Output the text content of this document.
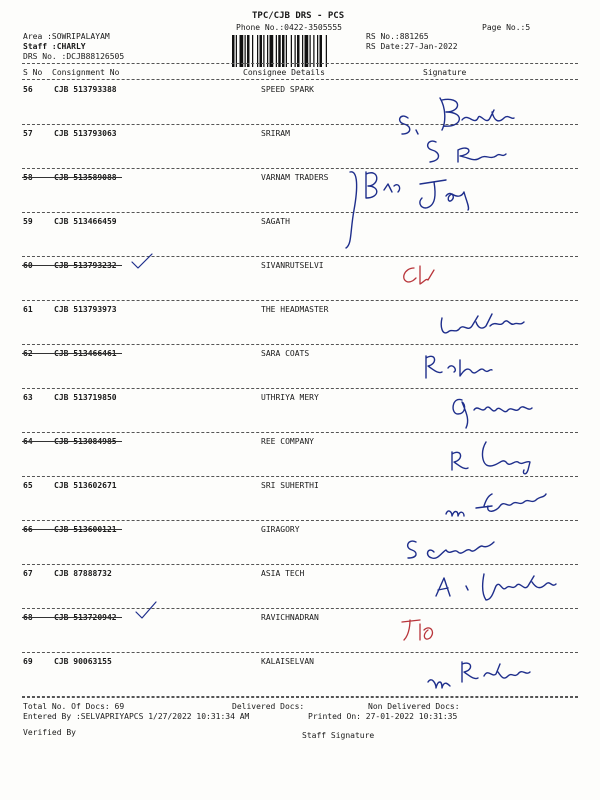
TPC/CJB DRS - PCS
Phone No.:0422-3505555	Page No.:5
Area :SOWRIPALAYAM
Staff :CHARLY
DRS No. :DCJB88126505
RS No.:881265
RS Date:27-Jan-2022
S No Consignment No	Consignee Details	Signature
56	CJB 513793388	SPEED SPARK
57	CJB 513793063	SRIRAM
58	CJB 513589088	VARNAM TRADERS
59	CJB 513466459	SAGATH
60	CJB 513793232	SIVANRUTSELVI
61	CJB 513793973	THE HEADMASTER
62	CJB 513466461	SARA COATS
63	CJB 513719850	UTHRIYA MERY
64	CJB 513084985	REE COMPANY
65	CJB 513602671	SRI SUHERTHI
66	CJB 513600121	GIRAGORY
67	CJB 87888732	ASIA TECH
68	CJB 513720942	RAVICHNADRAN
69	CJB 90063155	KALAISELVAN
Total No. Of Docs: 69	Delivered Docs:	Non Delivered Docs:
Entered By :SELVAPRIYAPCS 1/27/2022 10:31:34 AM	Printed On: 27-01-2022 10:31:35
Verified By	Staff Signature
